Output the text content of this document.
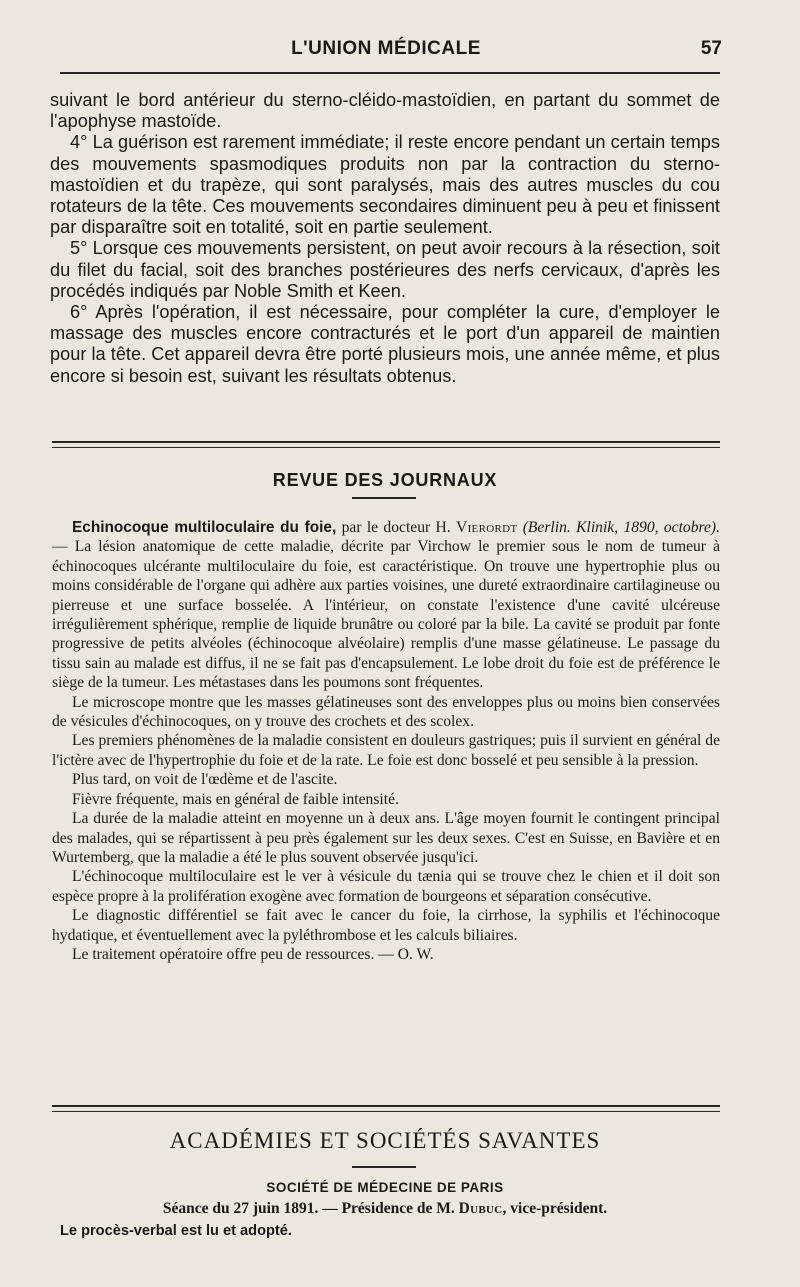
L'UNION MÉDICALE	57

suivant le bord antérieur du sterno-cléido-mastoïdien, en partant du sommet de l'apophyse mastoïde.

4° La guérison est rarement immédiate; il reste encore pendant un certain temps des mouvements spasmodiques produits non par la contraction du sterno-mastoïdien et du trapèze, qui sont paralysés, mais des autres muscles du cou rotateurs de la tête. Ces mouvements secondaires diminuent peu à peu et finissent par disparaître soit en totalité, soit en partie seulement.

5° Lorsque ces mouvements persistent, on peut avoir recours à la résection, soit du filet du facial, soit des branches postérieures des nerfs cervicaux, d'après les procédés indiqués par Noble Smith et Keen.

6° Après l'opération, il est nécessaire, pour compléter la cure, d'employer le massage des muscles encore contracturés et le port d'un appareil de maintien pour la tête. Cet appareil devra être porté plusieurs mois, une année même, et plus encore si besoin est, suivant les résultats obtenus.

REVUE DES JOURNAUX

Echinocoque multiloculaire du foie, par le docteur H. Vierordt (Berlin. Klinik, 1890, octobre). — La lésion anatomique de cette maladie, décrite par Virchow le premier sous le nom de tumeur à échinocoques ulcérante multiloculaire du foie, est caractéristique. On trouve une hypertrophie plus ou moins considérable de l'organe qui adhère aux parties voisines, une dureté extraordinaire cartilagineuse ou pierreuse et une surface bosselée. A l'intérieur, on constate l'existence d'une cavité ulcéreuse irrégulièrement sphérique, remplie de liquide brunâtre ou coloré par la bile. La cavité se produit par fonte progressive de petits alvéoles (échinocoque alvéolaire) remplis d'une masse gélatineuse. Le passage du tissu sain au malade est diffus, il ne se fait pas d'encapsulement. Le lobe droit du foie est de préférence le siège de la tumeur. Les métastases dans les poumons sont fréquentes.

Le microscope montre que les masses gélatineuses sont des enveloppes plus ou moins bien conservées de vésicules d'échinocoques, on y trouve des crochets et des scolex.

Les premiers phénomènes de la maladie consistent en douleurs gastriques; puis il survient en général de l'ictère avec de l'hypertrophie du foie et de la rate. Le foie est donc bosselé et peu sensible à la pression.

Plus tard, on voit de l'œdème et de l'ascite.

Fièvre fréquente, mais en général de faible intensité.

La durée de la maladie atteint en moyenne un à deux ans. L'âge moyen fournit le contingent principal des malades, qui se répartissent à peu près également sur les deux sexes. C'est en Suisse, en Bavière et en Wurtemberg, que la maladie a été le plus souvent observée jusqu'ici.

L'échinocoque multiloculaire est le ver à vésicule du tænia qui se trouve chez le chien et il doit son espèce propre à la prolifération exogène avec formation de bourgeons et séparation consécutive.

Le diagnostic différentiel se fait avec le cancer du foie, la cirrhose, la syphilis et l'échinocoque hydatique, et éventuellement avec la pyléthrombose et les calculs biliaires.

Le traitement opératoire offre peu de ressources. — O. W.

ACADÉMIES ET SOCIÉTÉS SAVANTES
SOCIÉTÉ DE MÉDECINE DE PARIS
Séance du 27 juin 1891. — Présidence de M. Dubuc, vice-président.
Le procès-verbal est lu et adopté.
